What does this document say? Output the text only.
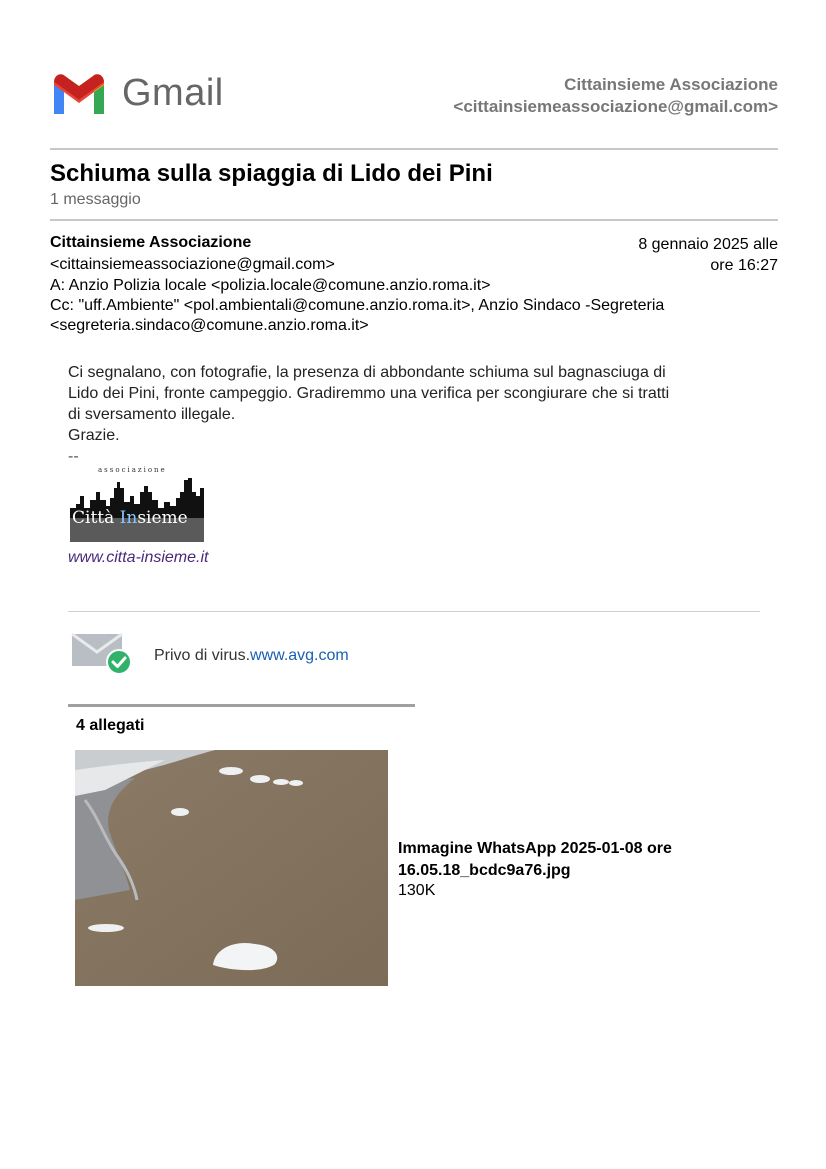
Gmail	Cittainsieme Associazione
<cittainsiemeassociazione@gmail.com>
Schiuma sulla spiaggia di Lido dei Pini
1 messaggio
Cittainsieme Associazione
<cittainsiemeassociazione@gmail.com>
8 gennaio 2025 alle
ore 16:27
A: Anzio Polizia locale <polizia.locale@comune.anzio.roma.it>
Cc: "uff.Ambiente" <pol.ambientali@comune.anzio.roma.it>, Anzio Sindaco -Segreteria
<segreteria.sindaco@comune.anzio.roma.it>
Ci segnalano, con fotografie, la presenza di abbondante schiuma sul bagnasciuga di
Lido dei Pini, fronte campeggio. Gradiremmo una verifica per scongiurare che si tratti
di sversamento illegale.
Grazie.
--
associazione
Città Insieme
www.citta-insieme.it
Privo di virus.www.avg.com
4 allegati
Immagine WhatsApp 2025-01-08 ore
16.05.18_bcdc9a76.jpg
130K
